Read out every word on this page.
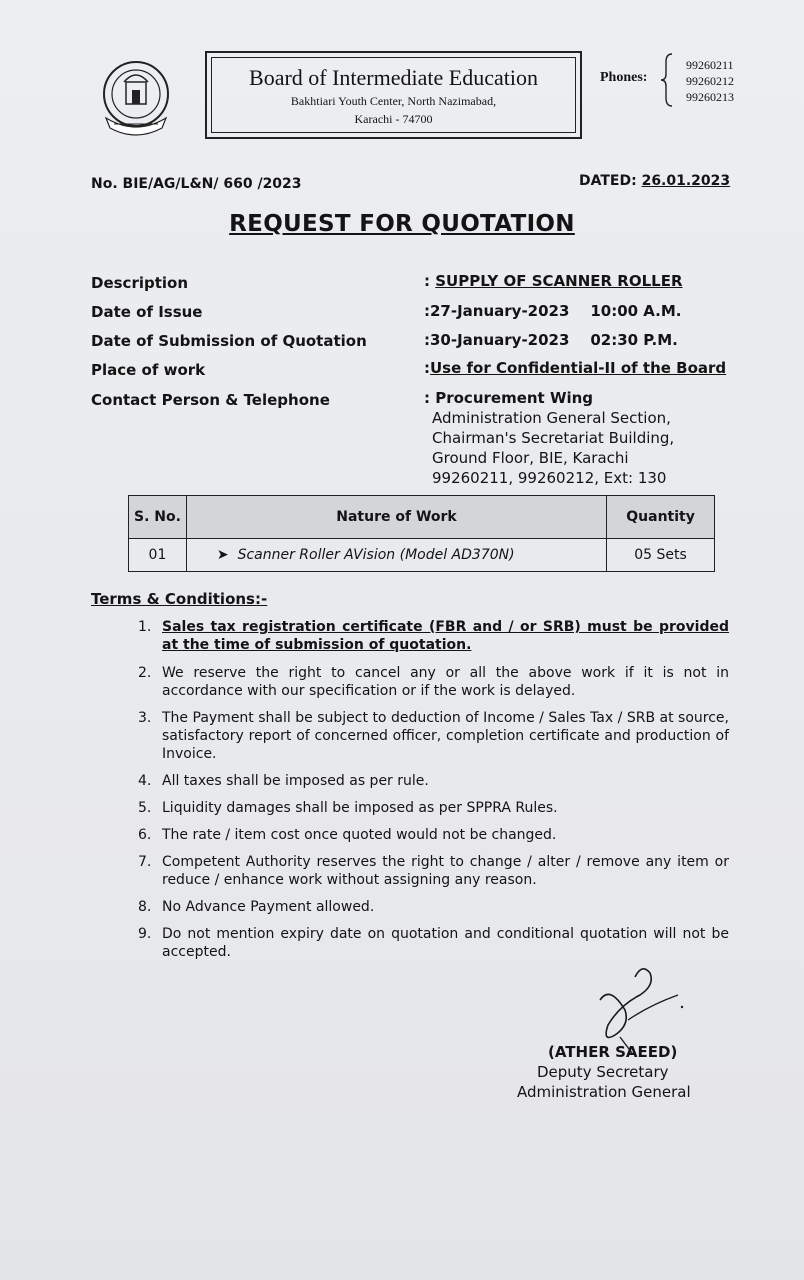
Board of Intermediate Education
Bakhtiari Youth Center, North Nazimabad,
Karachi - 74700
Phones:
99260211
99260212
99260213
No. BIE/AG/L&N/ 660 /2023	DATED: 26.01.2023
REQUEST FOR QUOTATION
Description	: SUPPLY OF SCANNER ROLLER
Date of Issue	:27-January-2023    10:00 A.M.
Date of Submission of Quotation	:30-January-2023    02:30 P.M.
Place of work	:Use for Confidential-II of the Board
Contact Person & Telephone	: Procurement Wing
Administration General Section,
Chairman's Secretariat Building,
Ground Floor, BIE, Karachi
99260211, 99260212, Ext: 130
S. No.	Nature of Work	Quantity
01	➤  Scanner Roller AVision (Model AD370N)	05 Sets
Terms & Conditions:-
1. Sales tax registration certificate (FBR and / or SRB) must be provided at the time of submission of quotation.
2. We reserve the right to cancel any or all the above work if it is not in accordance with our specification or if the work is delayed.
3. The Payment shall be subject to deduction of Income / Sales Tax / SRB at source, satisfactory report of concerned officer, completion certificate and production of Invoice.
4. All taxes shall be imposed as per rule.
5. Liquidity damages shall be imposed as per SPPRA Rules.
6. The rate / item cost once quoted would not be changed.
7. Competent Authority reserves the right to change / alter / remove any item or reduce / enhance work without assigning any reason.
8. No Advance Payment allowed.
9. Do not mention expiry date on quotation and conditional quotation will not be accepted.
(ATHER SAEED)
Deputy Secretary
Administration General
